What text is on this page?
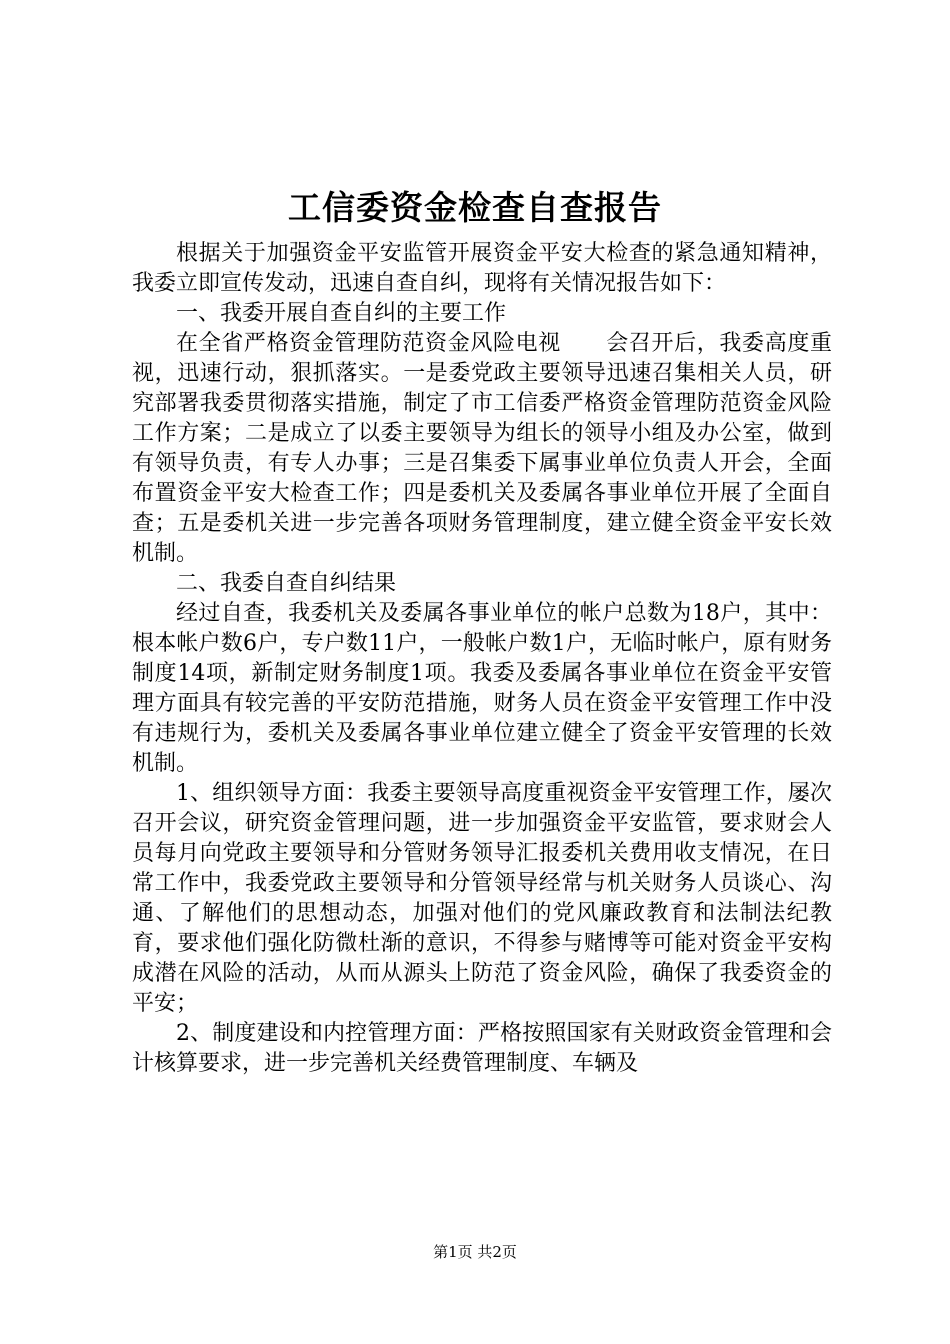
工信委资金检查自查报告

根据关于加强资金平安监管开展资金平安大检查的紧急通知精神，我委立即宣传发动，迅速自查自纠，现将有关情况报告如下：

一、我委开展自查自纠的主要工作

在全省严格资金管理防范资金风险电视　　会召开后，我委高度重视，迅速行动，狠抓落实。一是委党政主要领导迅速召集相关人员，研究部署我委贯彻落实措施，制定了市工信委严格资金管理防范资金风险工作方案；二是成立了以委主要领导为组长的领导小组及办公室，做到有领导负责，有专人办事；三是召集委下属事业单位负责人开会，全面布置资金平安大检查工作；四是委机关及委属各事业单位开展了全面自查；五是委机关进一步完善各项财务管理制度，建立健全资金平安长效机制。

二、我委自查自纠结果

经过自查，我委机关及委属各事业单位的帐户总数为18户，其中：根本帐户数6户，专户数11户，一般帐户数1户，无临时帐户，原有财务制度14项，新制定财务制度1项。我委及委属各事业单位在资金平安管理方面具有较完善的平安防范措施，财务人员在资金平安管理工作中没有违规行为，委机关及委属各事业单位建立健全了资金平安管理的长效机制。

1、组织领导方面：我委主要领导高度重视资金平安管理工作，屡次召开会议，研究资金管理问题，进一步加强资金平安监管，要求财会人员每月向党政主要领导和分管财务领导汇报委机关费用收支情况，在日常工作中，我委党政主要领导和分管领导经常与机关财务人员谈心、沟通、了解他们的思想动态，加强对他们的党风廉政教育和法制法纪教育，要求他们强化防微杜渐的意识，不得参与赌博等可能对资金平安构成潜在风险的活动，从而从源头上防范了资金风险，确保了我委资金的平安；

2、制度建设和内控管理方面：严格按照国家有关财政资金管理和会计核算要求，进一步完善机关经费管理制度、车辆及

第1页 共2页
